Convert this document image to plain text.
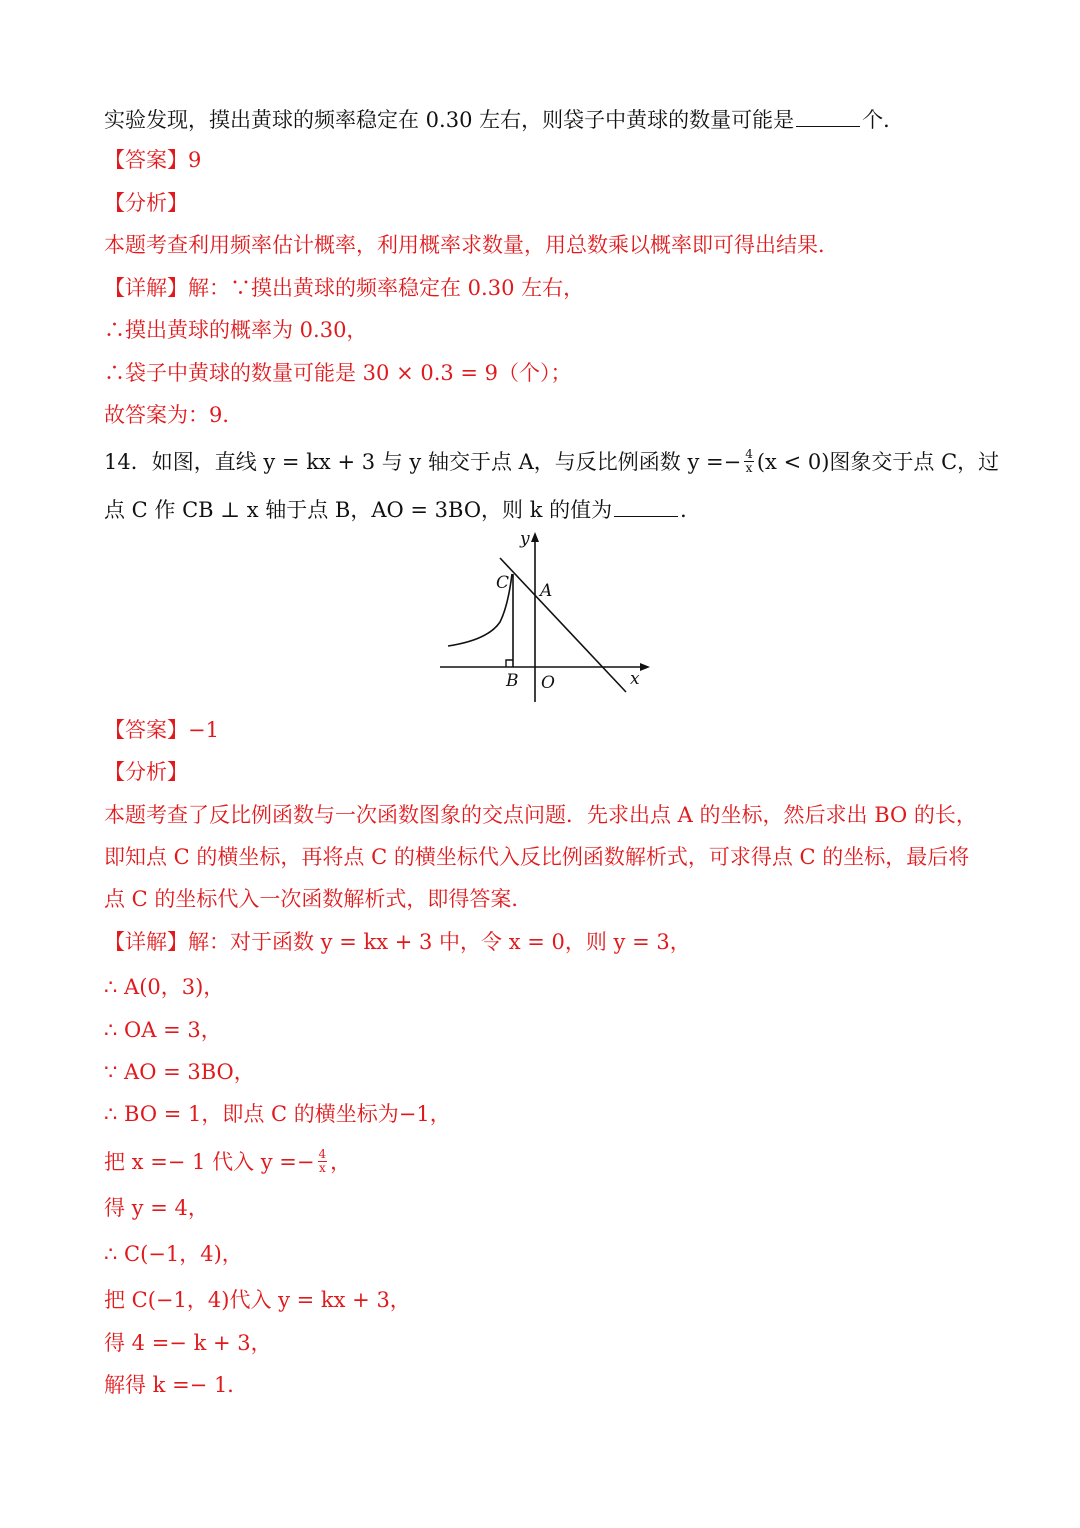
实验发现，摸出黄球的频率稳定在 0.30 左右，则袋子中黄球的数量可能是	个．
【答案】9
【分析】
本题考查利用频率估计概率，利用概率求数量，用总数乘以概率即可得出结果．
【详解】解：∵摸出黄球的频率稳定在 0.30 左右，
∴摸出黄球的概率为 0.30，
∴袋子中黄球的数量可能是 30 × 0.3 = 9（个）；
故答案为：9．
14．如图，直线 y = kx + 3 与 y 轴交于点 A，与反比例函数 $y =- \frac{4}{x} (x < 0)$图象交于点 C，过
点 C 作 CB ⊥ x 轴于点 B，AO = 3BO，则 k 的值为	．
y
x
A
C
B O
【答案】−1
【分析】
本题考查了反比例函数与一次函数图象的交点问题．先求出点 A 的坐标，然后求出 BO 的长，
即知点 C 的横坐标，再将点 C 的横坐标代入反比例函数解析式，可求得点 C 的坐标，最后将
点 C 的坐标代入一次函数解析式，即得答案．
【详解】解：对于函数 y = kx + 3 中，令 x = 0，则 y = 3，
∴ A(0，3)，
∴ OA = 3，
∵ AO = 3BO，
∴ BO = 1，即点 C 的横坐标为−1，
把 x =− 1 代入 $y =- \frac{4}{x}$ ，
得 y = 4，
∴ C(−1，4)，
把 C(−1，4)代入 y = kx + 3，
得 4 =− k + 3，
解得 k =− 1．
